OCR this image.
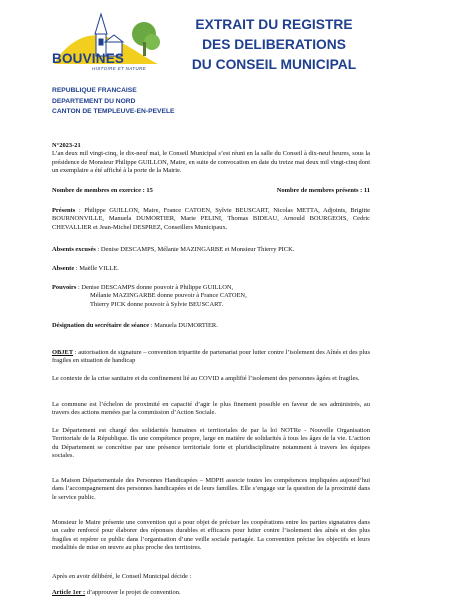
BOUVINES
HISTOIRE ET NATURE
EXTRAIT DU REGISTRE
DES DELIBERATIONS
DU CONSEIL MUNICIPAL
REPUBLIQUE FRANCAISE
DEPARTEMENT DU NORD
CANTON DE TEMPLEUVE-EN-PEVELE
N°2023-21
L’an deux mil vingt-cinq, le dix-neuf mai, le Conseil Municipal s’est réuni en la salle du Conseil à dix-neuf heures, sous la présidence de Monsieur Philippe GUILLON, Maire, en suite de convocation en date du treize mai deux mil vingt-cinq dont un exemplaire a été affiché à la porte de la Mairie.
Nombre de membres en exercice : 15	Nombre de membres présents : 11
Présents : Philippe GUILLON, Maire, France CATOEN, Sylvie BEUSCART, Nicolas METTA, Adjoints, Brigitte BOURNONVILLE, Manuela DUMORTIER, Marie PELINI, Thomas BIDEAU, Arnould BOURGEOIS, Cedric CHEVALLIER et Jean-Michel DESPREZ, Conseillers Municipaux.
Absents excusés : Denise DESCAMPS, Mélanie MAZINGARBE et Monsieur Thierry PICK.
Absente : Maëlle VILLE.
Pouvoirs : Denise DESCAMPS donne pouvoir à Philippe GUILLON,
Mélanie MAZINGARBE donne pouvoir à France CATOEN,
Thierry PICK donne pouvoir à Sylvie BEUSCART.
Désignation du secrétaire de séance : Manuela DUMORTIER.
OBJET : autorisation de signature – convention tripartite de partenariat pour lutter contre l’isolement des Aînés et des plus fragiles en situation de handicap
Le contexte de la crise sanitaire et du confinement lié au COVID a amplifié l’isolement des personnes âgées et fragiles.
La commune est l’échelon de proximité en capacité d’agir le plus finement possible en faveur de ses administrés, au travers des actions menées par la commission d’Action Sociale.
Le Département est chargé des solidarités humaines et territoriales de par la loi NOTRe - Nouvelle Organisation Territoriale de la République. Ils une compétence propre, large en matière de solidarités à tous les âges de la vie. L’action du Département se concrétise par une présence territoriale forte et pluridisciplinaire notamment à travers les équipes sociales.
La Maison Départementale des Personnes Handicapées – MDPH associe toutes les compétences impliquées aujourd’hui dans l’accompagnement des personnes handicapées et de leurs familles. Elle s’engage sur la question de la proximité dans le service public.
Monsieur le Maire présente une convention qui a pour objet de préciser les coopérations entre les parties signataires dans un cadre renforcé pour élaborer des réponses durables et efficaces pour lutter contre l’isolement des aînés et des plus fragiles et repérer ce public dans l’organisation d’une veille sociale partagée. La convention précise les objectifs et leurs modalités de mise en œuvre au plus proche des territoires.
Après en avoir délibéré, le Conseil Municipal décide :
Article 1er : d’approuver le projet de convention.
